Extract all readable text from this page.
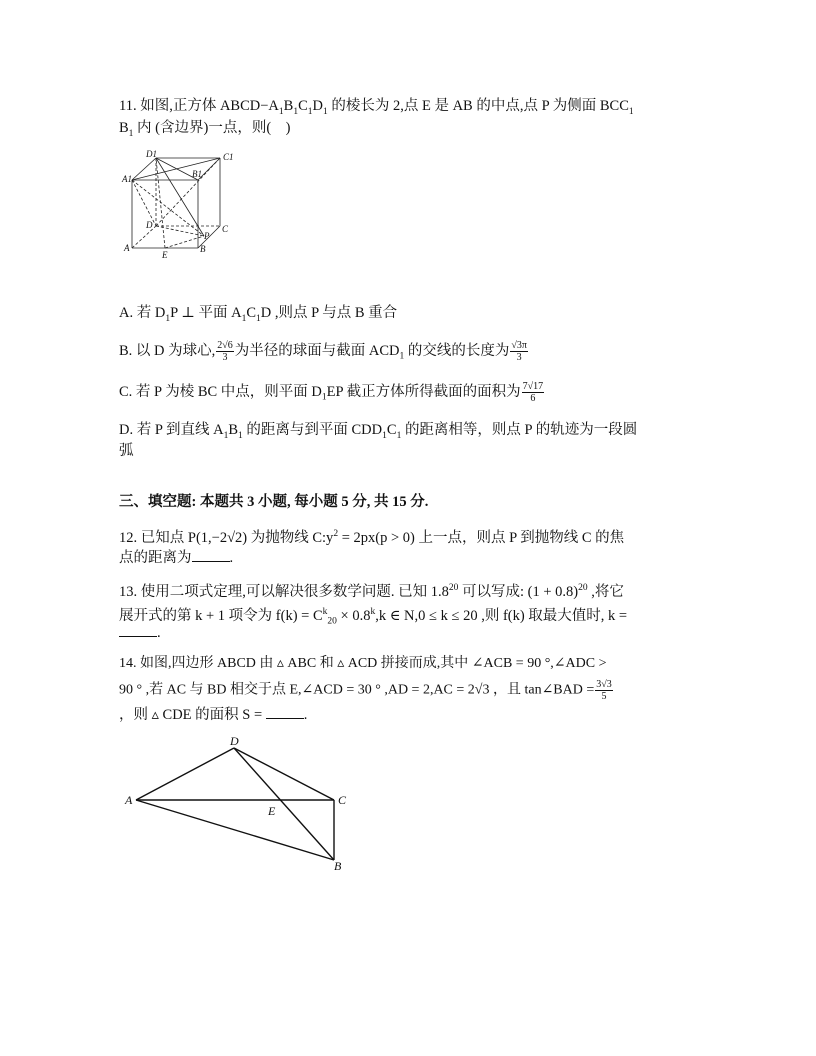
11. 如图,正方体 $ABCD-A_1B_1C_1D_1$ 的棱长为 2,点 E 是 AB 的中点,点 P 为侧面 $BCC_1$
$B_1$ 内 (含边界)一点，则(　)
D1	C1
A1	B1
D	C
A
E
B
P
A. 若 $D_1P$ ⊥ 平面 $A_1C_1D$ ,则点 P 与点 B 重合
B. 以 D 为球心, $\frac{2√6}{3}$ 为半径的球面与截面 $ACD_1$ 的交线的长度为 $\frac{√3\pi}{3}$
C. 若 P 为棱 BC 中点，则平面 $D_1EP$ 截正方体所得截面的面积为 $\frac{7√17}{6}$
D. 若 P 到直线 $A_1B_1$ 的距离与到平面 $CDD_1C_1$ 的距离相等，则点 P 的轨迹为一段圆
弧
三、填空题: 本题共 3 小题, 每小题 5 分, 共 15 分.
12. 已知点 P(1,−2√2) 为抛物线 $C:y^2 = 2px(p > 0)$ 上一点，则点 P 到抛物线 C 的焦
点的距离为	.
13. 使用二项式定理,可以解决很多数学问题. 已知 $1.8^{20}$ 可以写成: $(1 + 0.8)^{20}$ ,将它
展开式的第 k + 1 项令为 $f(k) = C^k_{20} \times 0.8^k,k$ ∈ N,0 ≤ k ≤ 20 ,则 f(k) 取最大值时, k =
.
14. 如图,四边形 ABCD 由 ▵ ABC 和 ▵ ACD 拼接而成,其中 ∠ACB = 90 °,∠ADC >
90 ° ,若 AC 与 BD 相交于点 E,∠ACD = 30 ° ,AD = 2,AC = 2√3 ，且 tan∠BAD = $\frac{3√3}{5}$
，则 ▵ CDE 的面积 S =	.
D
A
E
C
B
